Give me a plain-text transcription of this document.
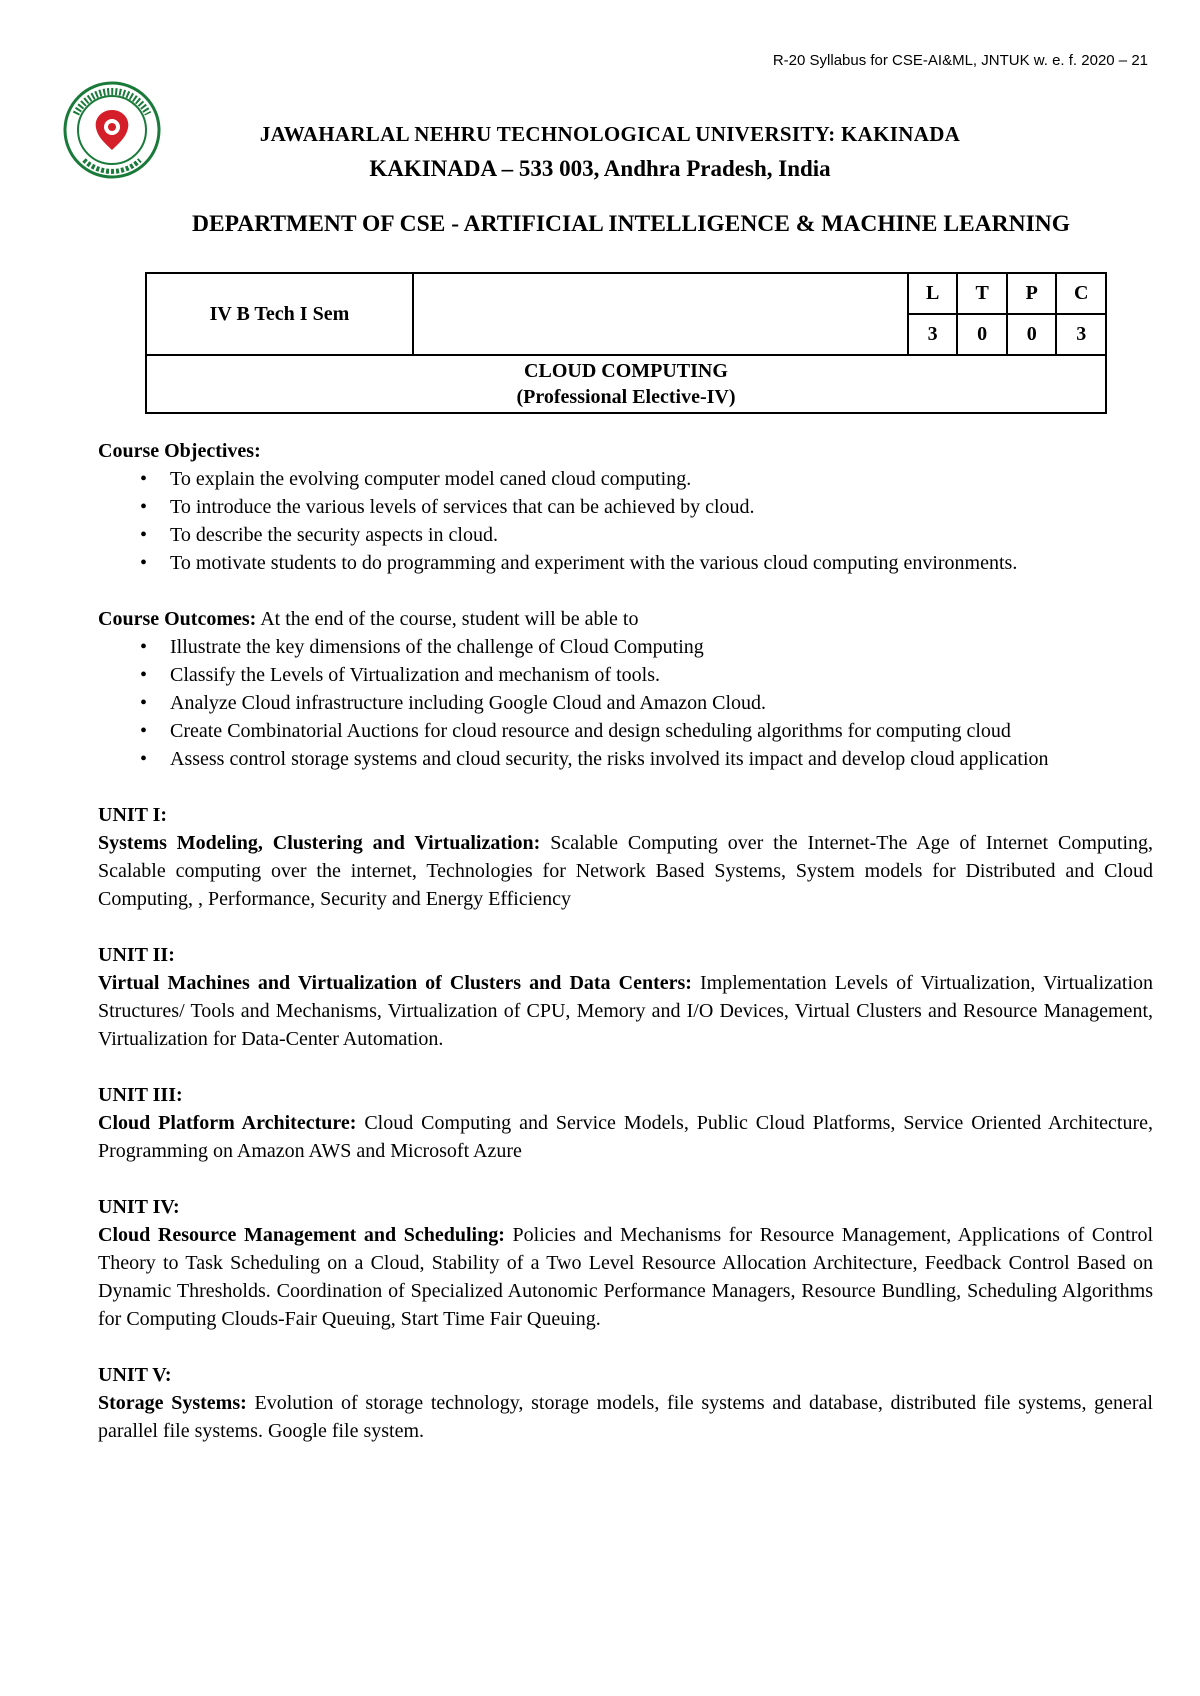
R-20 Syllabus for CSE-AI&ML, JNTUK w. e. f. 2020 – 21
JAWAHARLAL NEHRU TECHNOLOGICAL UNIVERSITY: KAKINADA
KAKINADA – 533 003, Andhra Pradesh, India
DEPARTMENT OF CSE - ARTIFICIAL INTELLIGENCE & MACHINE LEARNING
IV B Tech I Sem		L	T	P	C
		3	0	0	3

CLOUD COMPUTING
(Professional Elective-IV)					
Course Objectives:
• To explain the evolving computer model caned cloud computing.
• To introduce the various levels of services that can be achieved by cloud.
• To describe the security aspects in cloud.
• To motivate students to do programming and experiment with the various cloud computing environments.
Course Outcomes: At the end of the course, student will be able to
• Illustrate the key dimensions of the challenge of Cloud Computing
• Classify the Levels of Virtualization and mechanism of tools.
• Analyze Cloud infrastructure including Google Cloud and Amazon Cloud.
• Create Combinatorial Auctions for cloud resource and design scheduling algorithms for computing cloud
• Assess control storage systems and cloud security, the risks involved its impact and develop cloud application
UNIT I:

Systems Modeling, Clustering and Virtualization: Scalable Computing over the Internet-The Age of Internet Computing, Scalable computing over the internet, Technologies for Network Based Systems, System models for Distributed and Cloud Computing, , Performance, Security and Energy Efficiency

UNIT II:

Virtual Machines and Virtualization of Clusters and Data Centers: Implementation Levels of Virtualization, Virtualization Structures/ Tools and Mechanisms, Virtualization of CPU, Memory and I/O Devices, Virtual Clusters and Resource Management, Virtualization for Data-Center Automation.

UNIT III:

Cloud Platform Architecture: Cloud Computing and Service Models, Public Cloud Platforms, Service Oriented Architecture, Programming on Amazon AWS and Microsoft Azure

UNIT IV:

Cloud Resource Management and Scheduling: Policies and Mechanisms for Resource Management, Applications of Control Theory to Task Scheduling on a Cloud, Stability of a Two Level Resource Allocation Architecture, Feedback Control Based on Dynamic Thresholds. Coordination of Specialized Autonomic Performance Managers, Resource Bundling, Scheduling Algorithms for Computing Clouds-Fair Queuing, Start Time Fair Queuing.

UNIT V:

Storage Systems: Evolution of storage technology, storage models, file systems and database, distributed file systems, general parallel file systems. Google file system.
